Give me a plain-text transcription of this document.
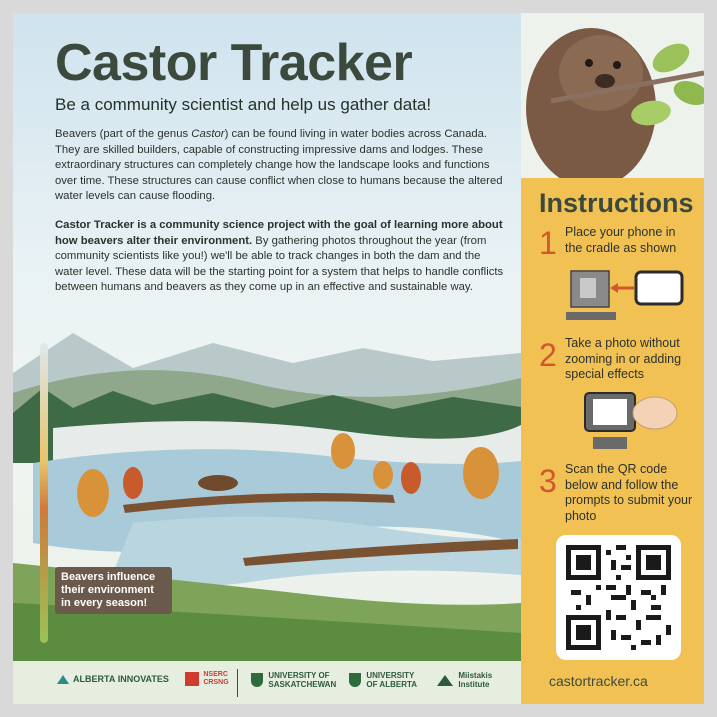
Castor Tracker

Be a community scientist and help us gather data!

Beavers (part of the genus Castor) can be found living in water bodies across Canada. They are skilled builders, capable of constructing impressive dams and lodges. These extraordinary structures can completely change how the landscape looks and functions over time. These structures can cause conflict when close to humans because the altered water levels can cause flooding.

Castor Tracker is a community science project with the goal of learning more about how beavers alter their environment. By gathering photos throughout the year (from community scientists like you!) we'll be able to track changes in both the dam and the water level. These data will be the starting point for a system that helps to handle conflicts between humans and beavers as they come up in an effective and sustainable way.

Beavers influence their environment in every season!
ALBERTA INNOVATES	NSERC
CRSNG
UNIVERSITY OF
SASKATCHEWAN
UNIVERSITY
OF ALBERTA
Miistakis
Institute
Instructions
1 Place your phone in the cradle as shown
2 Take a photo without zooming in or adding special effects
3 Scan the QR code below and follow the prompts to submit your photo
castortracker.ca
